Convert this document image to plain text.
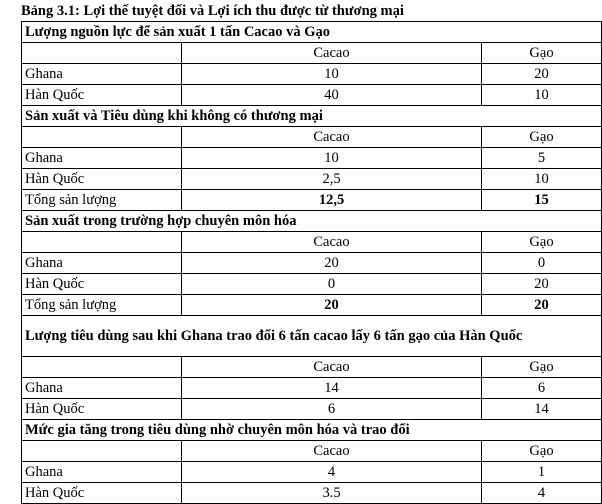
Bảng 3.1: Lợi thế tuyệt đối và Lợi ích thu được từ thương mại
Lượng nguồn lực để sản xuất 1 tấn Cacao và Gạo		
	Cacao	Gạo
Ghana	10	20
Hàn Quốc	40	10
Sản xuất và Tiêu dùng khi không có thương mại		
	Cacao	Gạo
Ghana	10	5
Hàn Quốc	2,5	10
Tổng sản lượng	12,5	15
Sản xuất trong trường hợp chuyên môn hóa		
	Cacao	Gạo
Ghana	20	0
Hàn Quốc	0	20
Tổng sản lượng	20	20
Lượng tiêu dùng sau khi Ghana trao đổi 6 tấn cacao lấy 6 tấn gạo của Hàn Quốc		
	Cacao	Gạo
Ghana	14	6
Hàn Quốc	6	14
Mức gia tăng trong tiêu dùng nhờ chuyên môn hóa và trao đổi		
	Cacao	Gạo
Ghana	4	1
Hàn Quốc	3.5	4
